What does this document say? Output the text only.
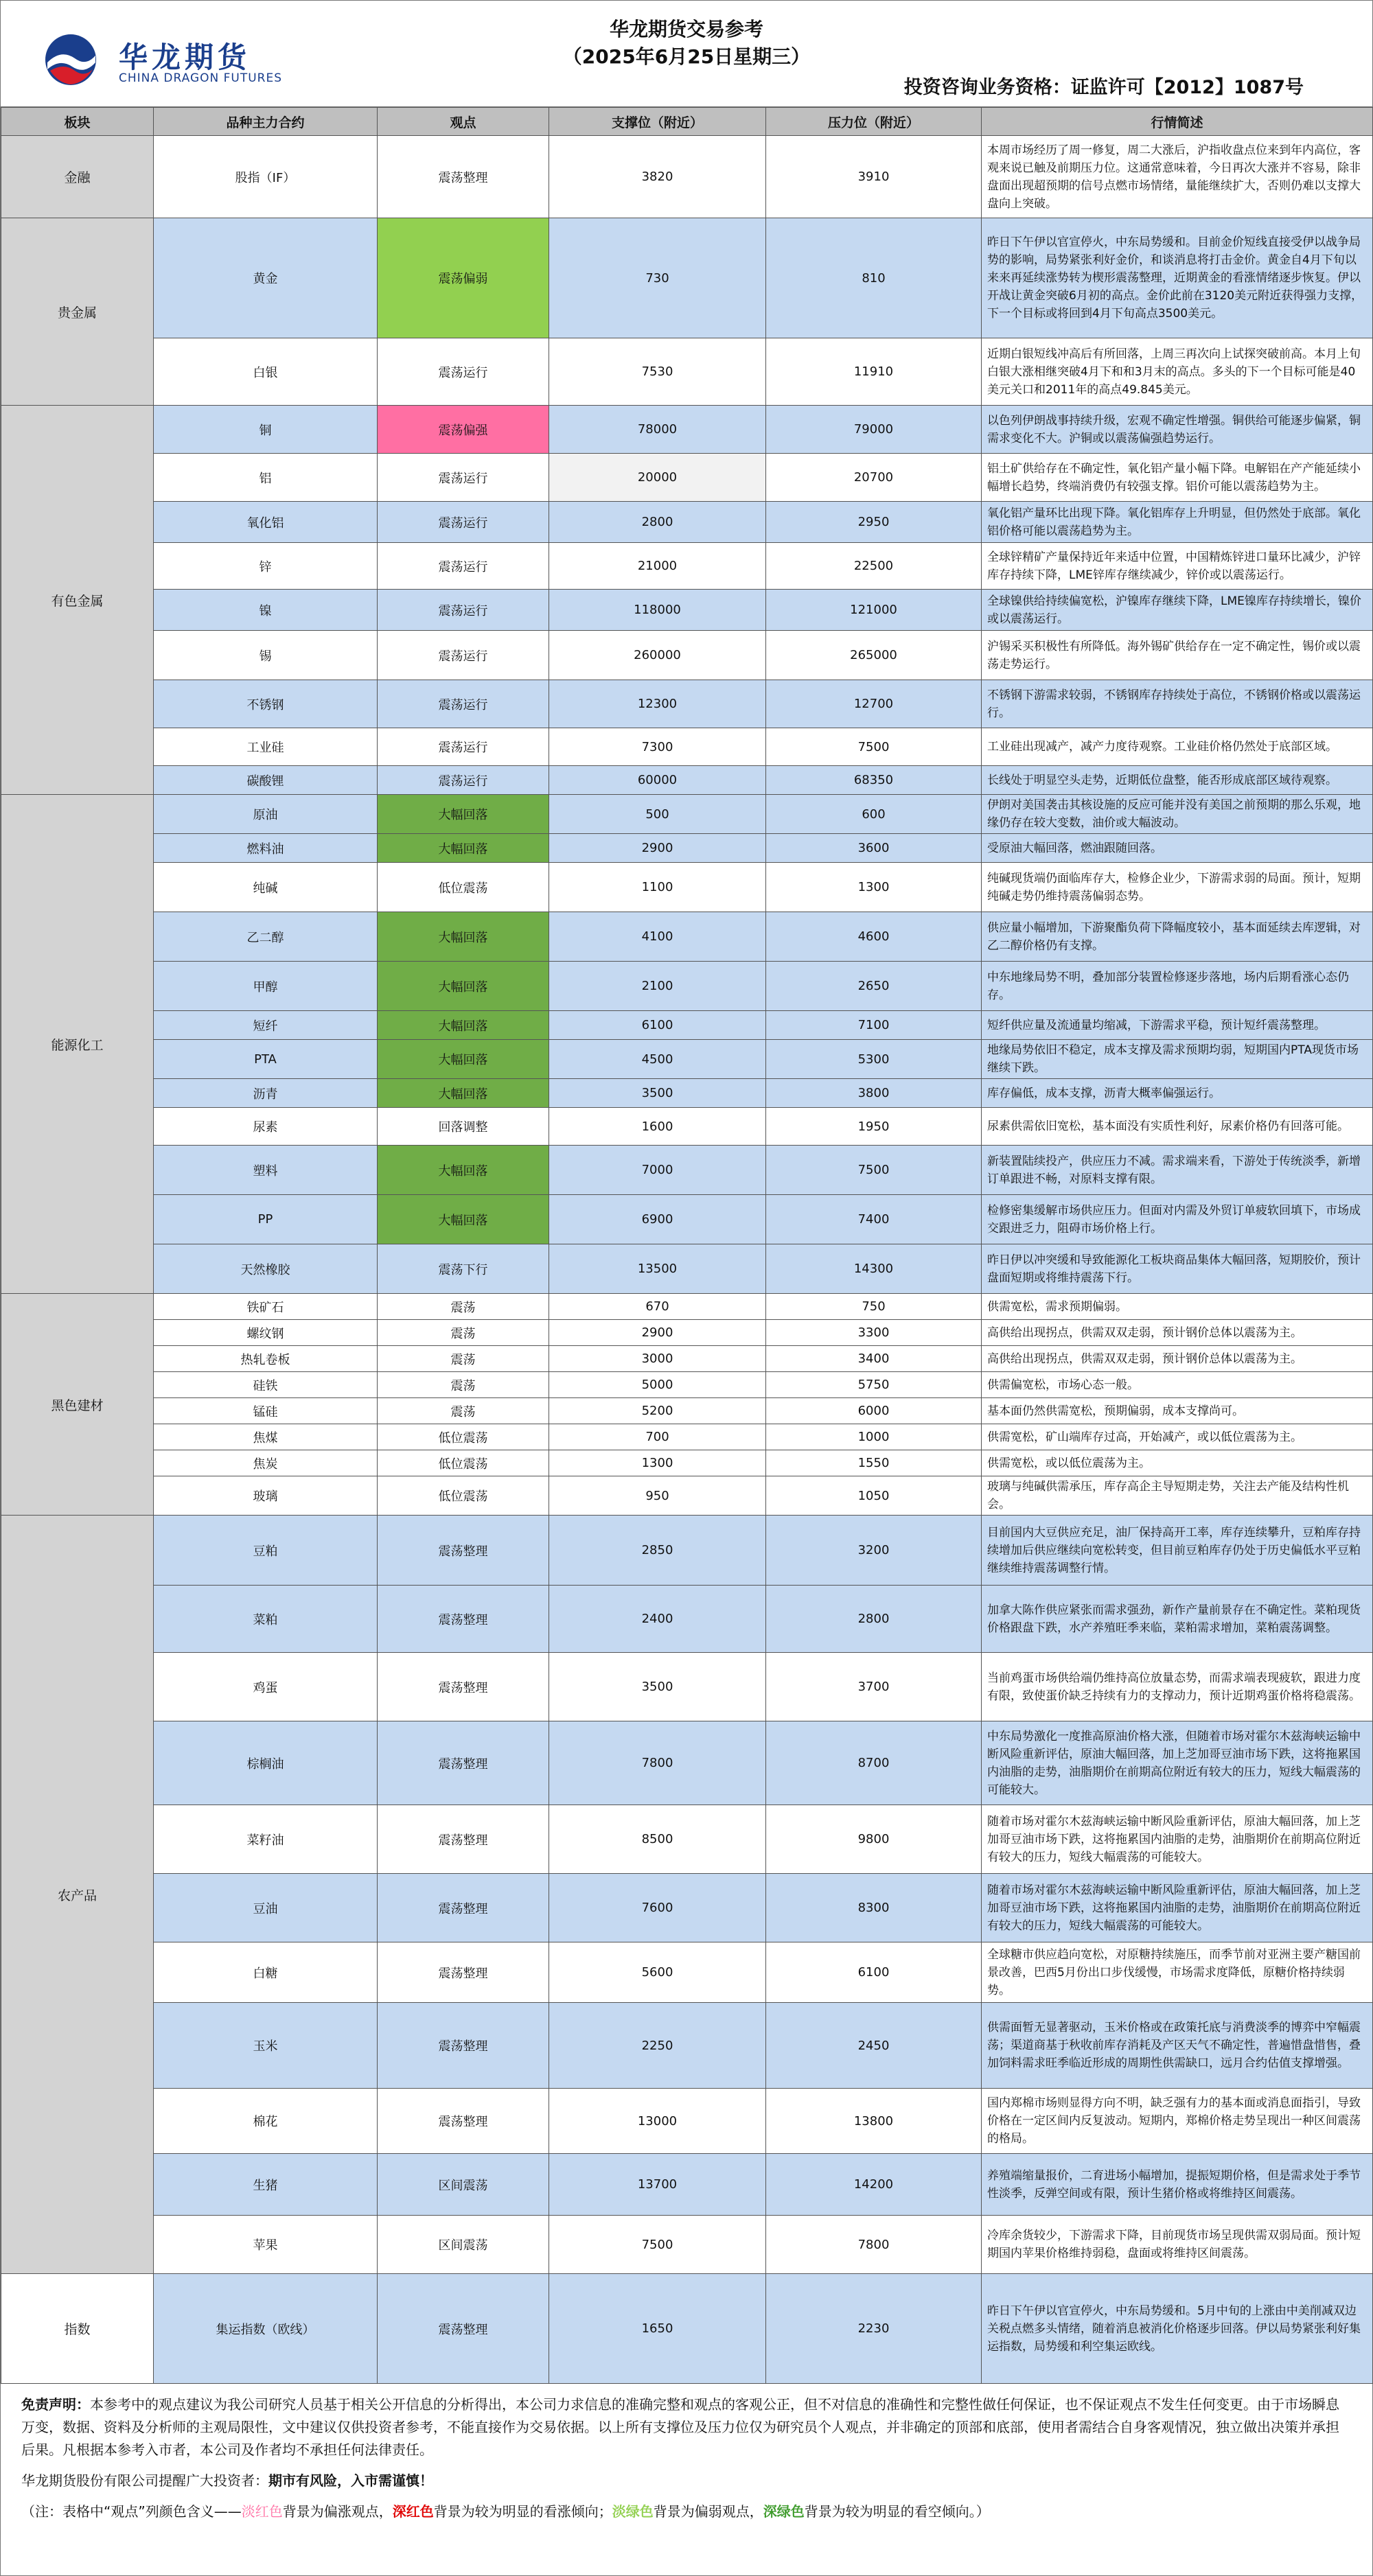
华龙期货
CHINA DRAGON FUTURES
华龙期货交易参考
（2025年6月25日星期三）
投资咨询业务资格：证监许可【2012】1087号
板块	品种主力合约	观点	支撑位（附近）	压力位（附近）	行情简述
金融	股指（IF）	震荡整理	3820	3910	本周市场经历了周一修复，周二大涨后，沪指收盘点位来到年内高位，客观来说已触及前期压力位。这通常意味着，今日再次大涨并不容易，除非盘面出现超预期的信号点燃市场情绪，量能继续扩大，否则仍难以支撑大盘向上突破。
贵金属	黄金	震荡偏弱	730	810	昨日下午伊以官宣停火，中东局势缓和。目前金价短线直接受伊以战争局势的影响，局势紧张利好金价，和谈消息将打击金价。黄金自4月下旬以来来再延续涨势转为楔形震荡整理，近期黄金的看涨情绪逐步恢复。伊以开战让黄金突破6月初的高点。金价此前在3120美元附近获得强力支撑，下一个目标或将回到4月下旬高点3500美元。
	白银	震荡运行	7530	11910	近期白银短线冲高后有所回落，上周三再次向上试探突破前高。本月上旬白银大涨相继突破4月下和和3月末的高点。多头的下一个目标可能是40美元关口和2011年的高点49.845美元。
有色金属	铜	震荡偏强	78000	79000	以色列伊朗战事持续升级，宏观不确定性增强。铜供给可能逐步偏紧，铜需求变化不大。沪铜或以震荡偏强趋势运行。
	铝	震荡运行	20000	20700	铝土矿供给存在不确定性，氧化铝产量小幅下降。电解铝在产产能延续小幅增长趋势，终端消费仍有较强支撑。铝价可能以震荡趋势为主。
	氧化铝	震荡运行	2800	2950	氧化铝产量环比出现下降。氧化铝库存上升明显，但仍然处于底部。氧化铝价格可能以震荡趋势为主。
	锌	震荡运行	21000	22500	全球锌精矿产量保持近年来适中位置，中国精炼锌进口量环比减少，沪锌库存持续下降，LME锌库存继续减少，锌价或以震荡运行。
	镍	震荡运行	118000	121000	全球镍供给持续偏宽松，沪镍库存继续下降，LME镍库存持续增长，镍价或以震荡运行。
	锡	震荡运行	260000	265000	沪锡采买积极性有所降低。海外锡矿供给存在一定不确定性，锡价或以震荡走势运行。
	不锈钢	震荡运行	12300	12700	不锈钢下游需求较弱，不锈钢库存持续处于高位，不锈钢价格或以震荡运行。
	工业硅	震荡运行	7300	7500	工业硅出现减产，减产力度待观察。工业硅价格仍然处于底部区域。
	碳酸锂	震荡运行	60000	68350	长线处于明显空头走势，近期低位盘整，能否形成底部区域待观察。
能源化工	原油	大幅回落	500	600	伊朗对美国袭击其核设施的反应可能并没有美国之前预期的那么乐观，地缘仍存在较大变数，油价或大幅波动。
	燃料油	大幅回落	2900	3600	受原油大幅回落，燃油跟随回落。
	纯碱	低位震荡	1100	1300	纯碱现货端仍面临库存大，检修企业少，下游需求弱的局面。预计，短期纯碱走势仍维持震荡偏弱态势。
	乙二醇	大幅回落	4100	4600	供应量小幅增加，下游聚酯负荷下降幅度较小，基本面延续去库逻辑，对乙二醇价格仍有支撑。
	甲醇	大幅回落	2100	2650	中东地缘局势不明，叠加部分装置检修逐步落地，场内后期看涨心态仍存。
	短纤	大幅回落	6100	7100	短纤供应量及流通量均缩减，下游需求平稳，预计短纤震荡整理。
	PTA	大幅回落	4500	5300	地缘局势依旧不稳定，成本支撑及需求预期均弱，短期国内PTA现货市场继续下跌。
	沥青	大幅回落	3500	3800	库存偏低，成本支撑，沥青大概率偏强运行。
	尿素	回落调整	1600	1950	尿素供需依旧宽松，基本面没有实质性利好，尿素价格仍有回落可能。
	塑料	大幅回落	7000	7500	新装置陆续投产，供应压力不减。需求端来看，下游处于传统淡季，新增订单跟进不畅，对原料支撑有限。
	PP	大幅回落	6900	7400	检修密集缓解市场供应压力。但面对内需及外贸订单疲软回填下，市场成交跟进乏力，阻碍市场价格上行。
	天然橡胶	震荡下行	13500	14300	昨日伊以冲突缓和导致能源化工板块商品集体大幅回落，短期胶价，预计盘面短期或将维持震荡下行。
黑色建材	铁矿石	震荡	670	750	供需宽松，需求预期偏弱。
	螺纹钢	震荡	2900	3300	高供给出现拐点，供需双双走弱，预计钢价总体以震荡为主。
	热轧卷板	震荡	3000	3400	高供给出现拐点，供需双双走弱，预计钢价总体以震荡为主。
	硅铁	震荡	5000	5750	供需偏宽松，市场心态一般。
	锰硅	震荡	5200	6000	基本面仍然供需宽松，预期偏弱，成本支撑尚可。
	焦煤	低位震荡	700	1000	供需宽松，矿山端库存过高，开始减产，或以低位震荡为主。
	焦炭	低位震荡	1300	1550	供需宽松，或以低位震荡为主。
	玻璃	低位震荡	950	1050	玻璃与纯碱供需承压，库存高企主导短期走势，关注去产能及结构性机会。
农产品	豆粕	震荡整理	2850	3200	目前国内大豆供应充足，油厂保持高开工率，库存连续攀升，豆粕库存持续增加后供应继续向宽松转变，但目前豆粕库存仍处于历史偏低水平豆粕继续维持震荡调整行情。
	菜粕	震荡整理	2400	2800	加拿大陈作供应紧张而需求强劲，新作产量前景存在不确定性。菜粕现货价格跟盘下跌，水产养殖旺季来临，菜粕需求增加，菜粕震荡调整。
	鸡蛋	震荡整理	3500	3700	当前鸡蛋市场供给端仍维持高位放量态势，而需求端表现疲软，跟进力度有限，致使蛋价缺乏持续有力的支撑动力，预计近期鸡蛋价格将稳震荡。
	棕榈油	震荡整理	7800	8700	中东局势激化一度推高原油价格大涨，但随着市场对霍尔木兹海峡运输中断风险重新评估，原油大幅回落，加上芝加哥豆油市场下跌，这将拖累国内油脂的走势，油脂期价在前期高位附近有较大的压力，短线大幅震荡的可能较大。
	菜籽油	震荡整理	8500	9800	随着市场对霍尔木兹海峡运输中断风险重新评估，原油大幅回落，加上芝加哥豆油市场下跌，这将拖累国内油脂的走势，油脂期价在前期高位附近有较大的压力，短线大幅震荡的可能较大。
	豆油	震荡整理	7600	8300	随着市场对霍尔木兹海峡运输中断风险重新评估，原油大幅回落，加上芝加哥豆油市场下跌，这将拖累国内油脂的走势，油脂期价在前期高位附近有较大的压力，短线大幅震荡的可能较大。
	白糖	震荡整理	5600	6100	全球糖市供应趋向宽松，对原糖持续施压，而季节前对亚洲主要产糖国前景改善，巴西5月份出口步伐缓慢，市场需求度降低，原糖价格持续弱势。
	玉米	震荡整理	2250	2450	供需面暂无显著驱动，玉米价格或在政策托底与消费淡季的博弈中窄幅震荡；渠道商基于秋收前库存消耗及产区天气不确定性，普遍惜盘惜售，叠加饲料需求旺季临近形成的周期性供需缺口，远月合约估值支撑增强。
	棉花	震荡整理	13000	13800	国内郑棉市场则显得方向不明，缺乏强有力的基本面或消息面指引，导致价格在一定区间内反复波动。短期内，郑棉价格走势呈现出一种区间震荡的格局。
	生猪	区间震荡	13700	14200	养殖端缩量报价，二育进场小幅增加，提振短期价格，但是需求处于季节性淡季，反弹空间或有限，预计生猪价格或将维持区间震荡。
	苹果	区间震荡	7500	7800	冷库余货较少，下游需求下降，目前现货市场呈现供需双弱局面。预计短期国内苹果价格维持弱稳，盘面或将维持区间震荡。
指数	集运指数（欧线）	震荡整理	1650	2230	昨日下午伊以官宣停火，中东局势缓和。5月中旬的上涨由中美削减双边关税点燃多头情绪，随着消息被消化价格逐步回落。伊以局势紧张利好集运指数，局势缓和利空集运欧线。

免责声明：本参考中的观点建议为我公司研究人员基于相关公开信息的分析得出，本公司力求信息的准确完整和观点的客观公正，但不对信息的准确性和完整性做任何保证，也不保证观点不发生任何变更。由于市场瞬息万变，数据、资料及分析师的主观局限性，文中建议仅供投资者参考，不能直接作为交易依据。以上所有支撑位及压力位仅为研究员个人观点，并非确定的顶部和底部，使用者需结合自身客观情况，独立做出决策并承担后果。凡根据本参考入市者，本公司及作者均不承担任何法律责任。

华龙期货股份有限公司提醒广大投资者：期市有风险，入市需谨慎！

（注：表格中“观点”列颜色含义——淡红色背景为偏涨观点，深红色背景为较为明显的看涨倾向；淡绿色背景为偏弱观点，深绿色背景为较为明显的看空倾向。）
